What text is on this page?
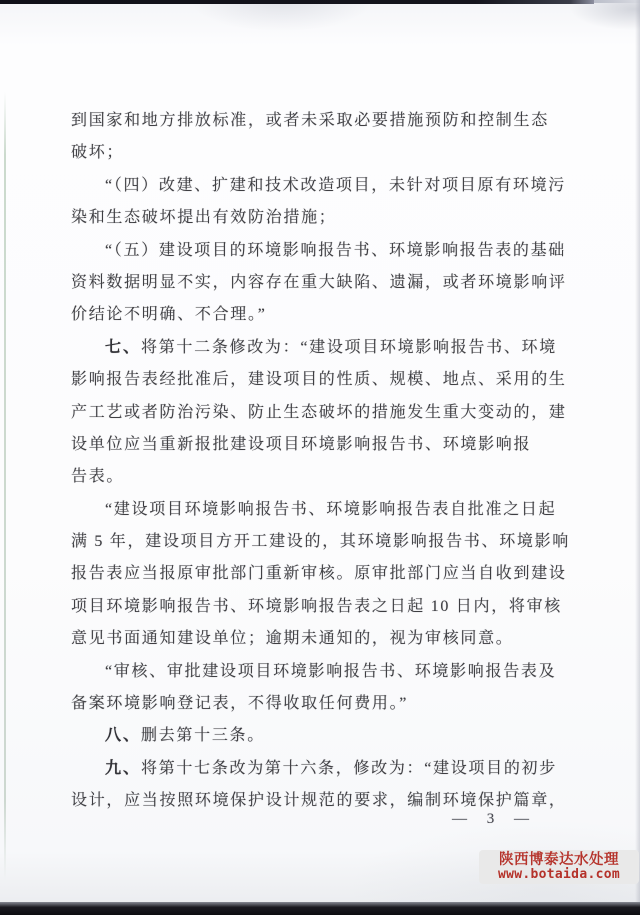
到国家和地方排放标准，或者未采取必要措施预防和控制生态
破坏；
“（四）改建、扩建和技术改造项目，未针对项目原有环境污
染和生态破坏提出有效防治措施；
“（五）建设项目的环境影响报告书、环境影响报告表的基础
资料数据明显不实，内容存在重大缺陷、遗漏，或者环境影响评
价结论不明确、不合理。”
七、将第十二条修改为：“建设项目环境影响报告书、环境
影响报告表经批准后，建设项目的性质、规模、地点、采用的生
产工艺或者防治污染、防止生态破坏的措施发生重大变动的，建
设单位应当重新报批建设项目环境影响报告书、环境影响报
告表。
“建设项目环境影响报告书、环境影响报告表自批准之日起
满 5 年，建设项目方开工建设的，其环境影响报告书、环境影响
报告表应当报原审批部门重新审核。原审批部门应当自收到建设
项目环境影响报告书、环境影响报告表之日起 10 日内，将审核
意见书面通知建设单位；逾期未通知的，视为审核同意。
“审核、审批建设项目环境影响报告书、环境影响报告表及
备案环境影响登记表，不得收取任何费用。”
八、删去第十三条。
九、将第十七条改为第十六条，修改为：“建设项目的初步
设计，应当按照环境保护设计规范的要求，编制环境保护篇章，
— 3 —
陕西博泰达水处理
www.botaida.com
